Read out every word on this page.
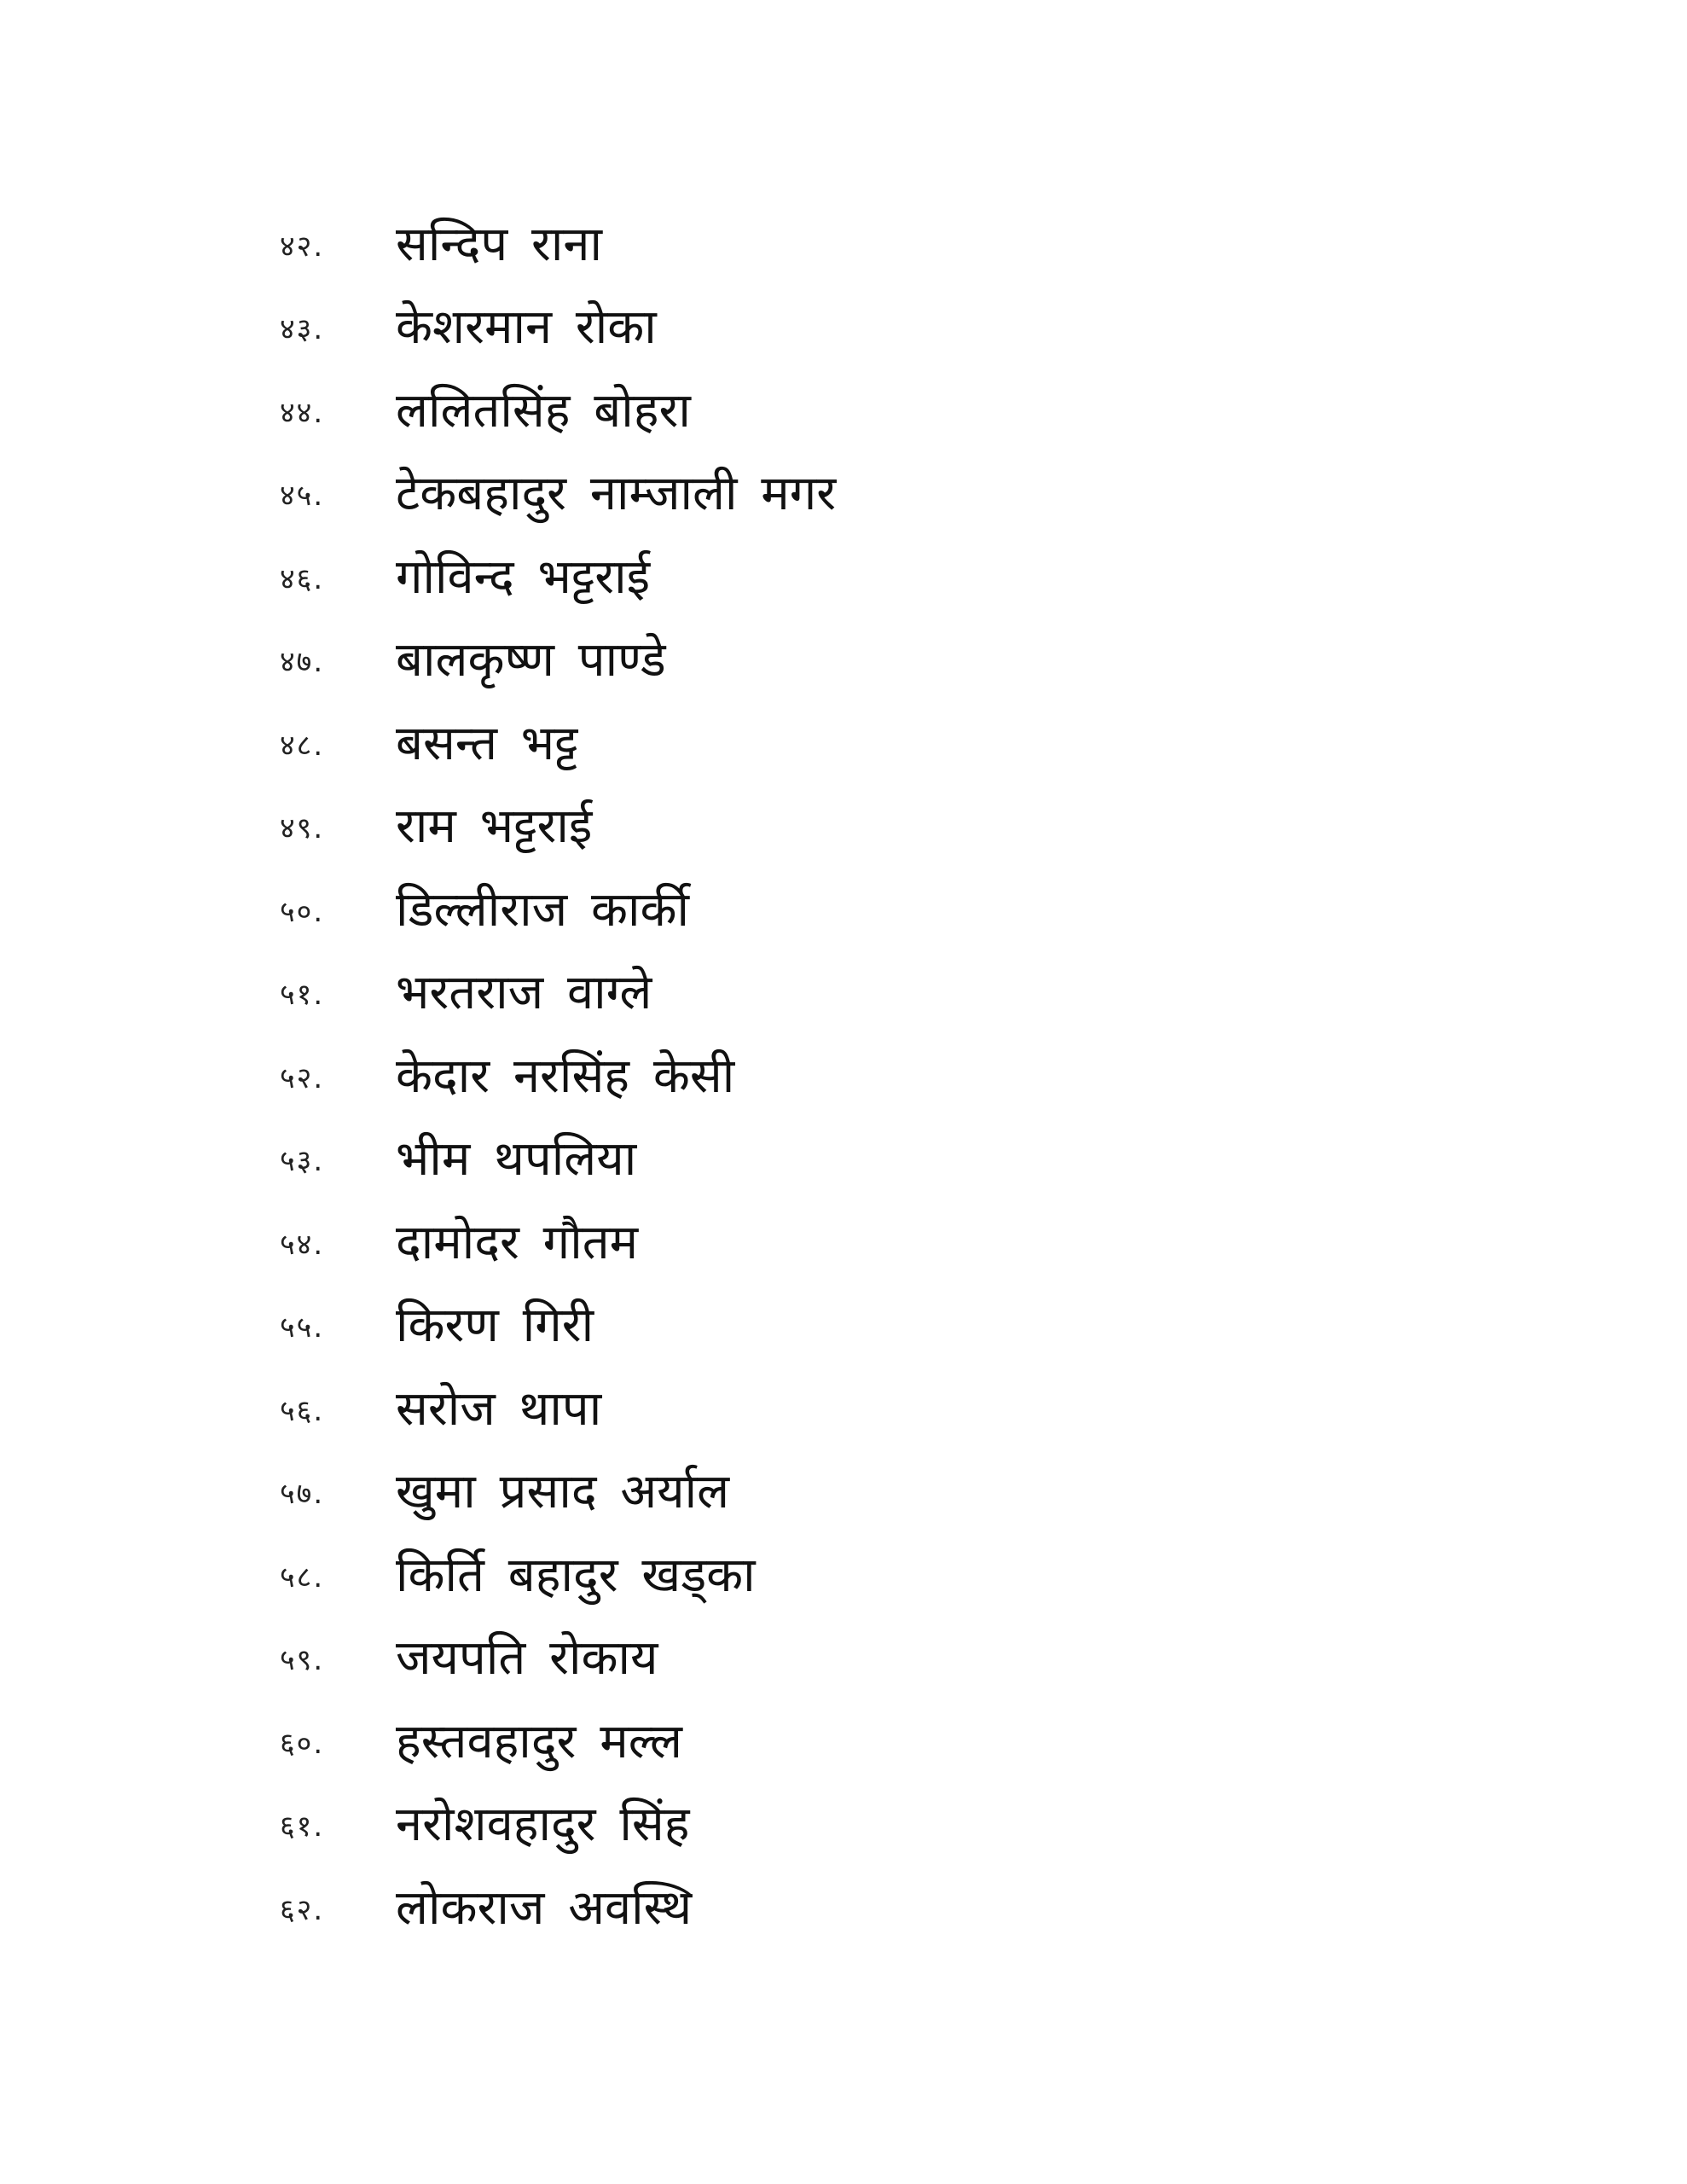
४२.	सन्दिप राना
४३.	केशरमान रोका
४४.	ललितसिंह बोहरा
४५.	टेकबहादुर नाम्जाली मगर
४६.	गोविन्द भट्टराई
४७.	बालकृष्ण पाण्डे
४८.	बसन्त भट्ट
४९.	राम भट्टराई
५०.	डिल्लीराज कार्की
५१.	भरतराज वाग्ले
५२.	केदार नरसिंह केसी
५३.	भीम थपलिया
५४.	दामोदर गौतम
५५.	किरण गिरी
५६.	सरोज थापा
५७.	खुमा प्रसाद अर्याल
५८.	किर्ति बहादुर खड्का
५९.	जयपति रोकाय
६०.	हस्तवहादुर मल्ल
६१.	नरोशवहादुर सिंह
६२.	लोकराज अवस्थि
